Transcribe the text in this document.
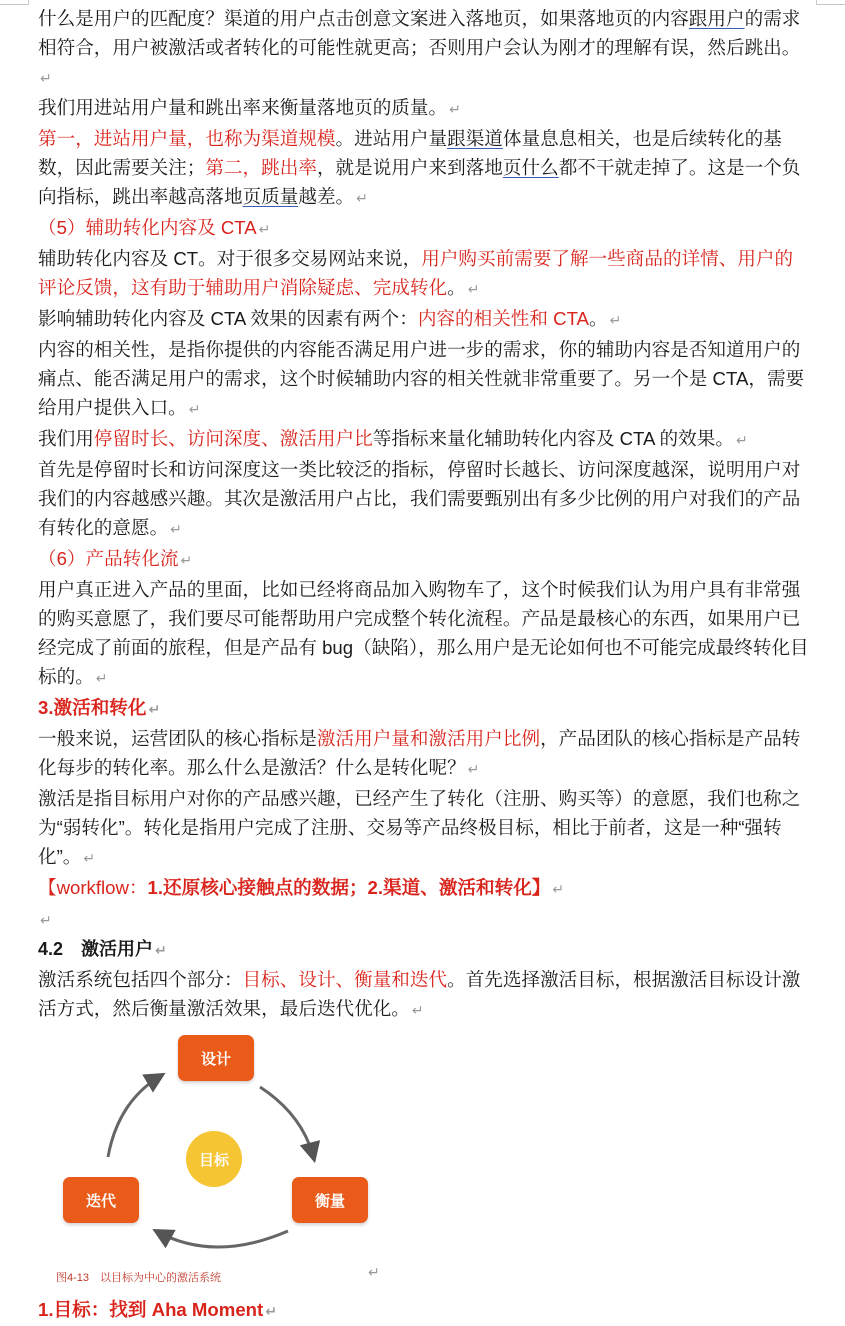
什么是用户的匹配度？渠道的用户点击创意文案进入落地页，如果落地页的内容跟用户的需求相符合，用户被激活或者转化的可能性就更高；否则用户会认为刚才的理解有误，然后跳出。↵

我们用进站用户量和跳出率来衡量落地页的质量。 ↵

第一，进站用户量，也称为渠道规模。进站用户量跟渠道体量息息相关，也是后续转化的基数，因此需要关注；第二，跳出率，就是说用户来到落地页什么都不干就走掉了。这是一个负向指标，跳出率越高落地页质量越差。 ↵

（5）辅助转化内容及 CTA ↵

辅助转化内容及 CT。对于很多交易网站来说，用户购买前需要了解一些商品的详情、用户的评论反馈，这有助于辅助用户消除疑虑、完成转化。 ↵

影响辅助转化内容及 CTA 效果的因素有两个：内容的相关性和 CTA。 ↵

内容的相关性，是指你提供的内容能否满足用户进一步的需求，你的辅助内容是否知道用户的痛点、能否满足用户的需求，这个时候辅助内容的相关性就非常重要了。另一个是 CTA，需要给用户提供入口。 ↵

我们用停留时长、访问深度、激活用户比等指标来量化辅助转化内容及 CTA 的效果。 ↵

首先是停留时长和访问深度这一类比较泛的指标，停留时长越长、访问深度越深，说明用户对我们的内容越感兴趣。其次是激活用户占比，我们需要甄别出有多少比例的用户对我们的产品有转化的意愿。 ↵

（6）产品转化流 ↵

用户真正进入产品的里面，比如已经将商品加入购物车了，这个时候我们认为用户具有非常强的购买意愿了，我们要尽可能帮助用户完成整个转化流程。产品是最核心的东西，如果用户已经完成了前面的旅程，但是产品有 bug（缺陷），那么用户是无论如何也不可能完成最终转化目标的。 ↵

3.激活和转化 ↵

一般来说，运营团队的核心指标是激活用户量和激活用户比例，产品团队的核心指标是产品转化每步的转化率。那么什么是激活？什么是转化呢？ ↵

激活是指目标用户对你的产品感兴趣，已经产生了转化（注册、购买等）的意愿，我们也称之为“弱转化”。转化是指用户完成了注册、交易等产品终极目标，相比于前者，这是一种“强转化”。 ↵

【workflow：1.还原核心接触点的数据；2.渠道、激活和转化】 ↵

↵

4.2　激活用户 ↵

激活系统包括四个部分：目标、设计、衡量和迭代。首先选择激活目标，根据激活目标设计激活方式，然后衡量激活效果，最后迭代优化。 ↵

设计
衡量
迭代
目标
图4-13　以目标为中心的激活系统	↵

1.目标：找到 Aha Moment ↵
